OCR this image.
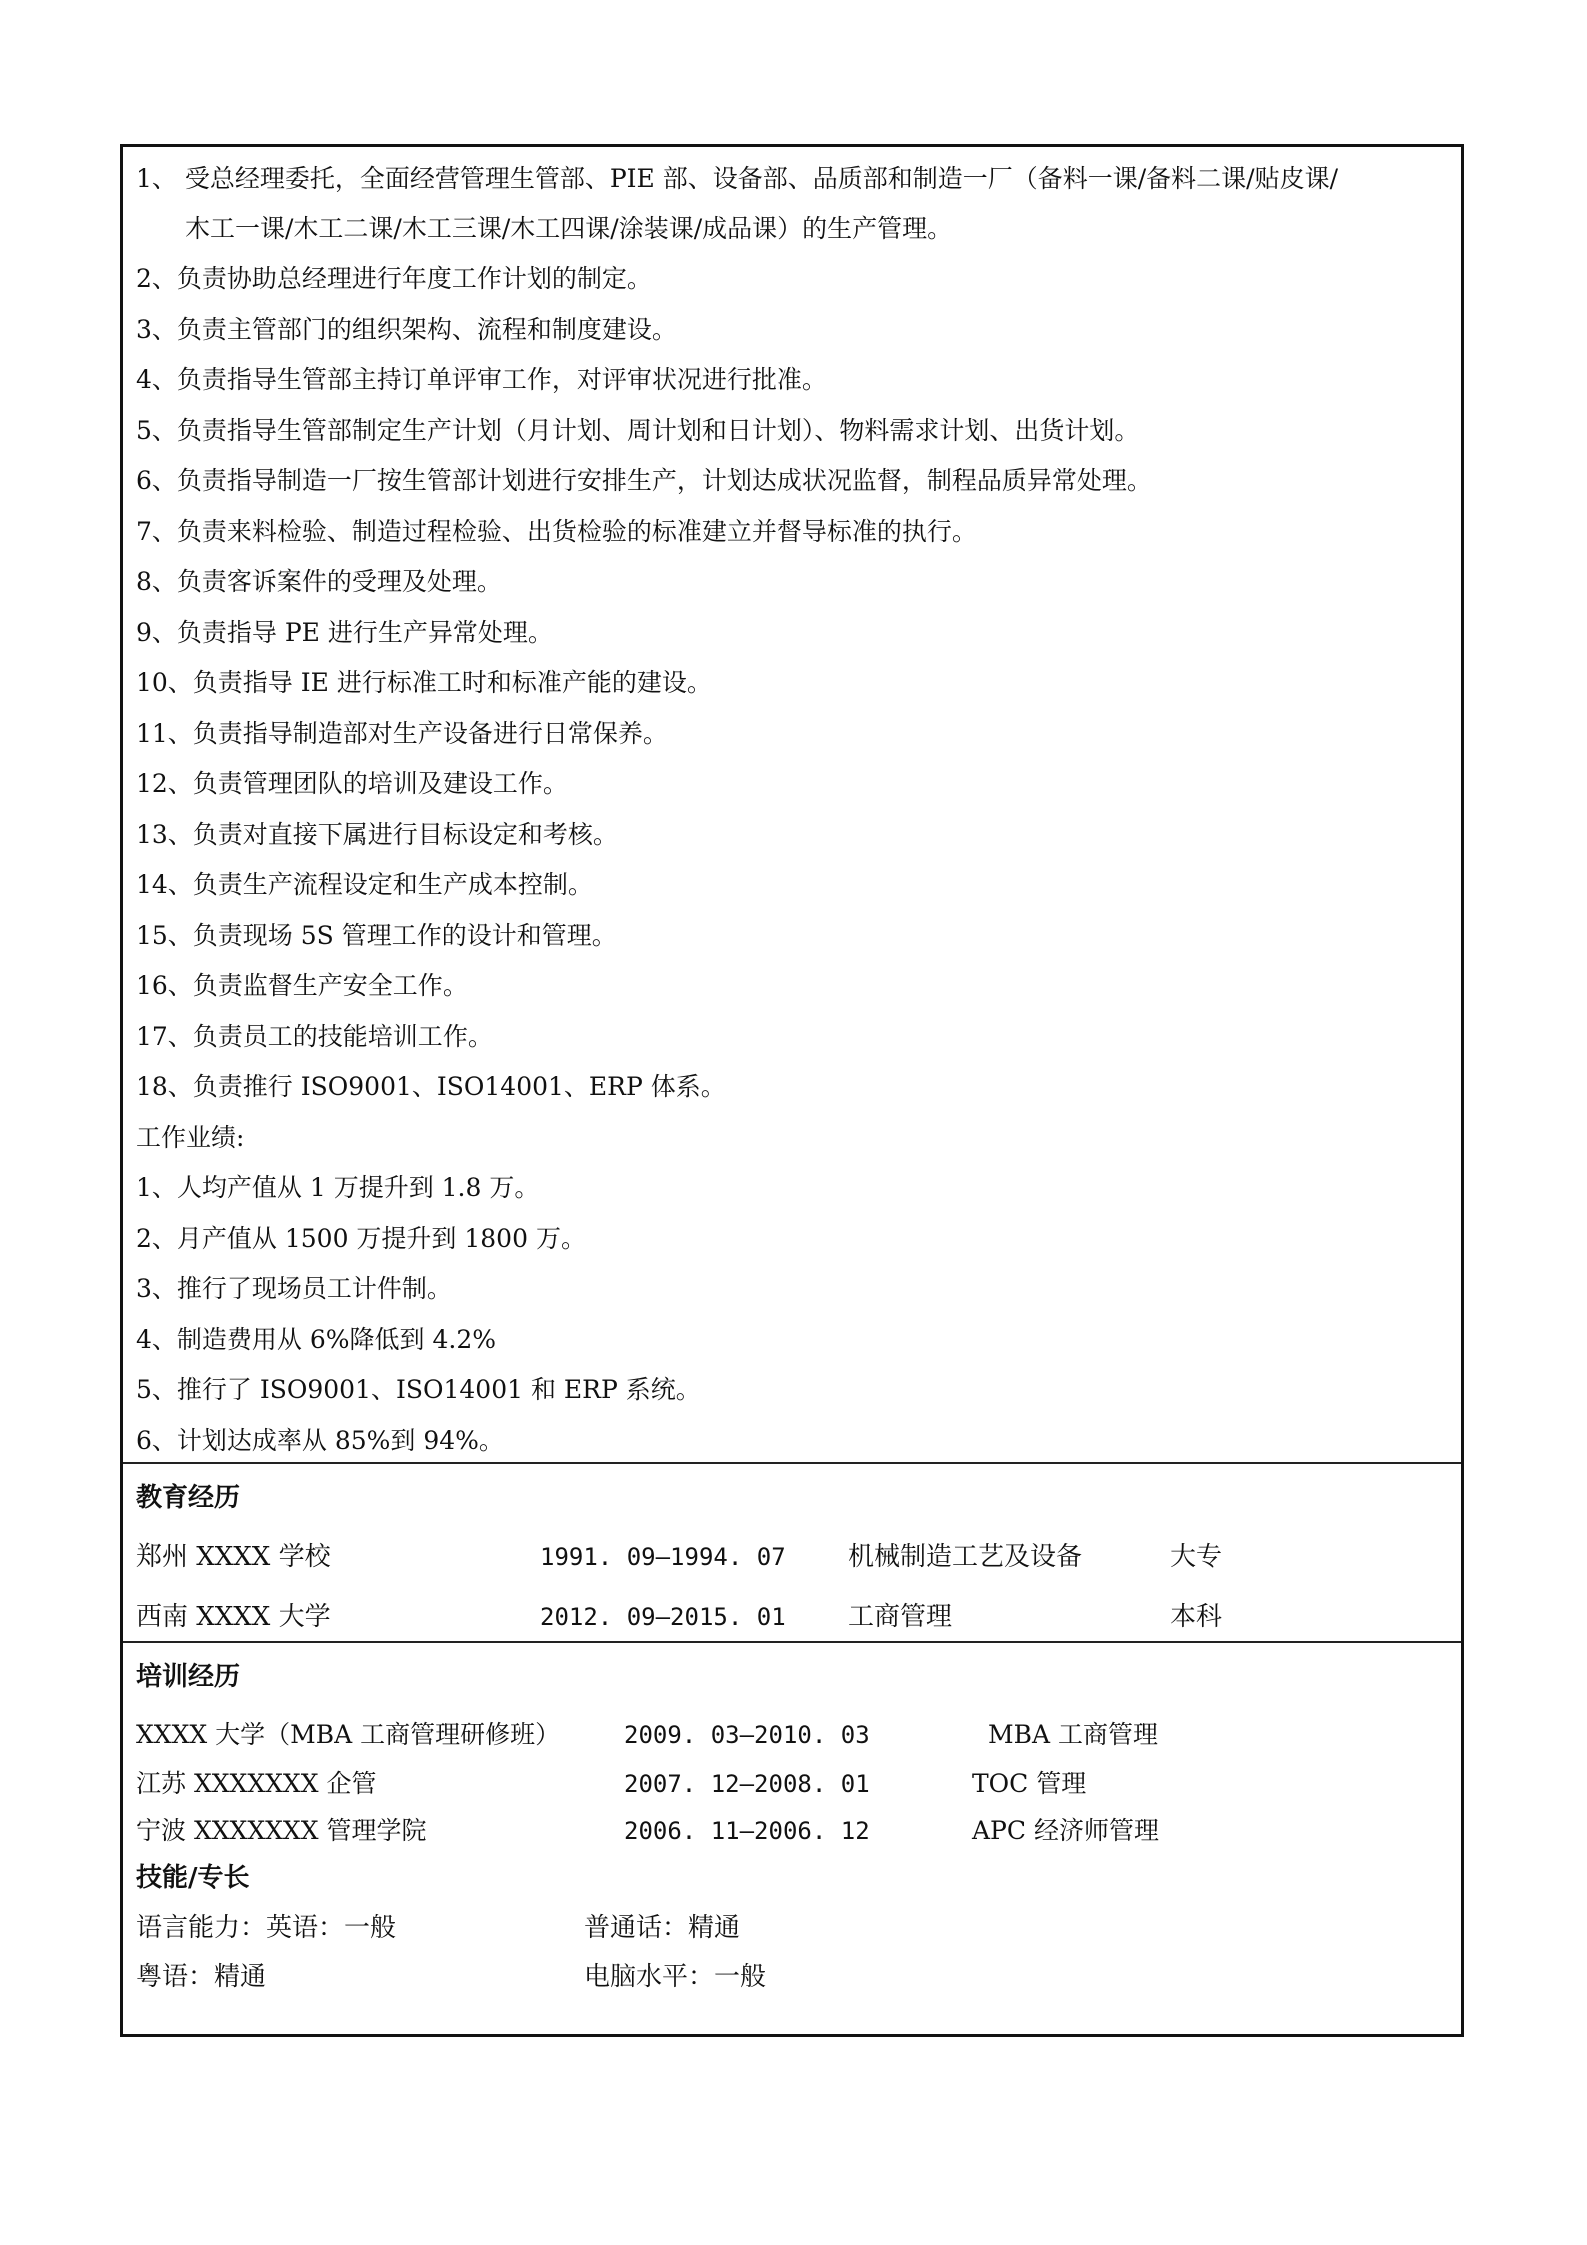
1、 受总经理委托，全面经营管理生管部、PIE 部、设备部、品质部和制造一厂（备料一课/备料二课/贴皮课/
木工一课/木工二课/木工三课/木工四课/涂装课/成品课）的生产管理。
2、负责协助总经理进行年度工作计划的制定。
3、负责主管部门的组织架构、流程和制度建设。
4、负责指导生管部主持订单评审工作，对评审状况进行批准。
5、负责指导生管部制定生产计划（月计划、周计划和日计划）、物料需求计划、出货计划。
6、负责指导制造一厂按生管部计划进行安排生产，计划达成状况监督，制程品质异常处理。
7、负责来料检验、制造过程检验、出货检验的标准建立并督导标准的执行。
8、负责客诉案件的受理及处理。
9、负责指导 PE 进行生产异常处理。
10、负责指导 IE 进行标准工时和标准产能的建设。
11、负责指导制造部对生产设备进行日常保养。
12、负责管理团队的培训及建设工作。
13、负责对直接下属进行目标设定和考核。
14、负责生产流程设定和生产成本控制。
15、负责现场 5S 管理工作的设计和管理。
16、负责监督生产安全工作。
17、负责员工的技能培训工作。
18、负责推行 ISO9001、ISO14001、ERP 体系。
工作业绩:
1、人均产值从 1 万提升到 1.8 万。
2、月产值从 1500 万提升到 1800 万。
3、推行了现场员工计件制。
4、制造费用从 6%降低到 4.2%
5、推行了 ISO9001、ISO14001 和 ERP 系统。
6、计划达成率从 85%到 94%。
教育经历
郑州 XXXX 学校	1991. 09—1994. 07 机械制造工艺及设备	大专
西南 XXXX 大学	2012. 09—2015. 01 工商管理	本科
培训经历
XXXX 大学（MBA 工商管理研修班）	2009. 03—2010. 03	MBA 工商管理
江苏 XXXXXXX 企管	2007. 12—2008. 01	TOC 管理
宁波 XXXXXXX 管理学院	2006. 11—2006. 12	APC 经济师管理
技能/专长
语言能力：英语：一般	普通话：精通
粤语：精通	电脑水平：一般
